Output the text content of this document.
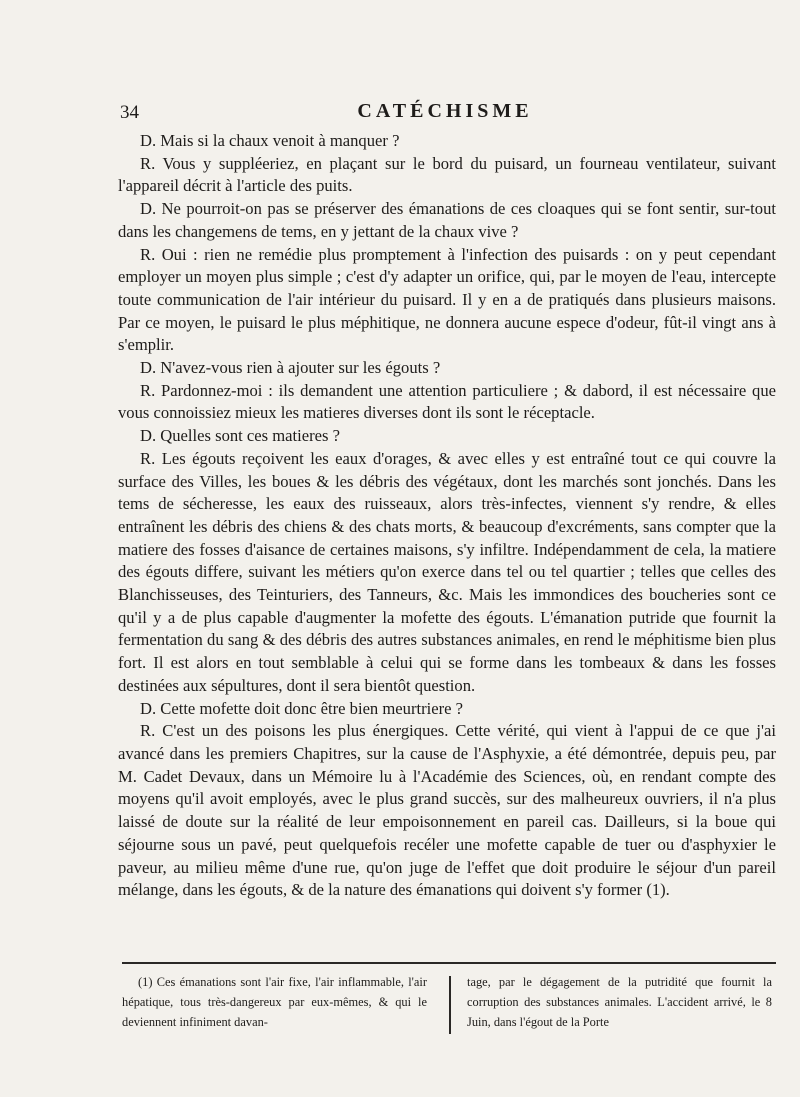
34	CATÉCHISME

D. Mais si la chaux venoit à manquer ?

R. Vous y suppléeriez, en plaçant sur le bord du puisard, un fourneau ventilateur, suivant l'appareil décrit à l'article des puits.

D. Ne pourroit-on pas se préserver des émanations de ces cloaques qui se font sentir, sur-tout dans les changemens de tems, en y jettant de la chaux vive ?

R. Oui : rien ne remédie plus promptement à l'infection des puisards : on y peut cependant employer un moyen plus simple ; c'est d'y adapter un orifice, qui, par le moyen de l'eau, intercepte toute communication de l'air intérieur du puisard. Il y en a de pratiqués dans plusieurs maisons. Par ce moyen, le puisard le plus méphitique, ne donnera aucune espece d'odeur, fût-il vingt ans à s'emplir.

D. N'avez-vous rien à ajouter sur les égouts ?

R. Pardonnez-moi : ils demandent une attention particuliere ; & dabord, il est nécessaire que vous connoissiez mieux les matieres diverses dont ils sont le réceptacle.

D. Quelles sont ces matieres ?

R. Les égouts reçoivent les eaux d'orages, & avec elles y est entraîné tout ce qui couvre la surface des Villes, les boues & les débris des végétaux, dont les marchés sont jonchés. Dans les tems de sécheresse, les eaux des ruisseaux, alors très-infectes, viennent s'y rendre, & elles entraînent les débris des chiens & des chats morts, & beaucoup d'excréments, sans compter que la matiere des fosses d'aisance de certaines maisons, s'y infiltre. Indépendamment de cela, la matiere des égouts differe, suivant les métiers qu'on exerce dans tel ou tel quartier ; telles que celles des Blanchisseuses, des Teinturiers, des Tanneurs, &c. Mais les immondices des boucheries sont ce qu'il y a de plus capable d'augmenter la mofette des égouts. L'émanation putride que fournit la fermentation du sang & des débris des autres substances animales, en rend le méphitisme bien plus fort. Il est alors en tout semblable à celui qui se forme dans les tombeaux & dans les fosses destinées aux sépultures, dont il sera bientôt question.

D. Cette mofette doit donc être bien meurtriere ?

R. C'est un des poisons les plus énergiques. Cette vérité, qui vient à l'appui de ce que j'ai avancé dans les premiers Chapitres, sur la cause de l'Asphyxie, a été démontrée, depuis peu, par M. Cadet Devaux, dans un Mémoire lu à l'Académie des Sciences, où, en rendant compte des moyens qu'il avoit employés, avec le plus grand succès, sur des malheureux ouvriers, il n'a plus laissé de doute sur la réalité de leur empoisonnement en pareil cas. Dailleurs, si la boue qui séjourne sous un pavé, peut quelquefois recéler une mofette capable de tuer ou d'asphyxier le paveur, au milieu même d'une rue, qu'on juge de l'effet que doit produire le séjour d'un pareil mélange, dans les égouts, & de la nature des émanations qui doivent s'y former (1).

(1) Ces émanations sont l'air fixe, l'air inflammable, l'air hépatique, tous très-dangereux par eux-mêmes, & qui le deviennent infiniment davan-
tage, par le dégagement de la putridité que fournit la corruption des substances animales. L'accident arrivé, le 8 Juin, dans l'égout de la Porte
